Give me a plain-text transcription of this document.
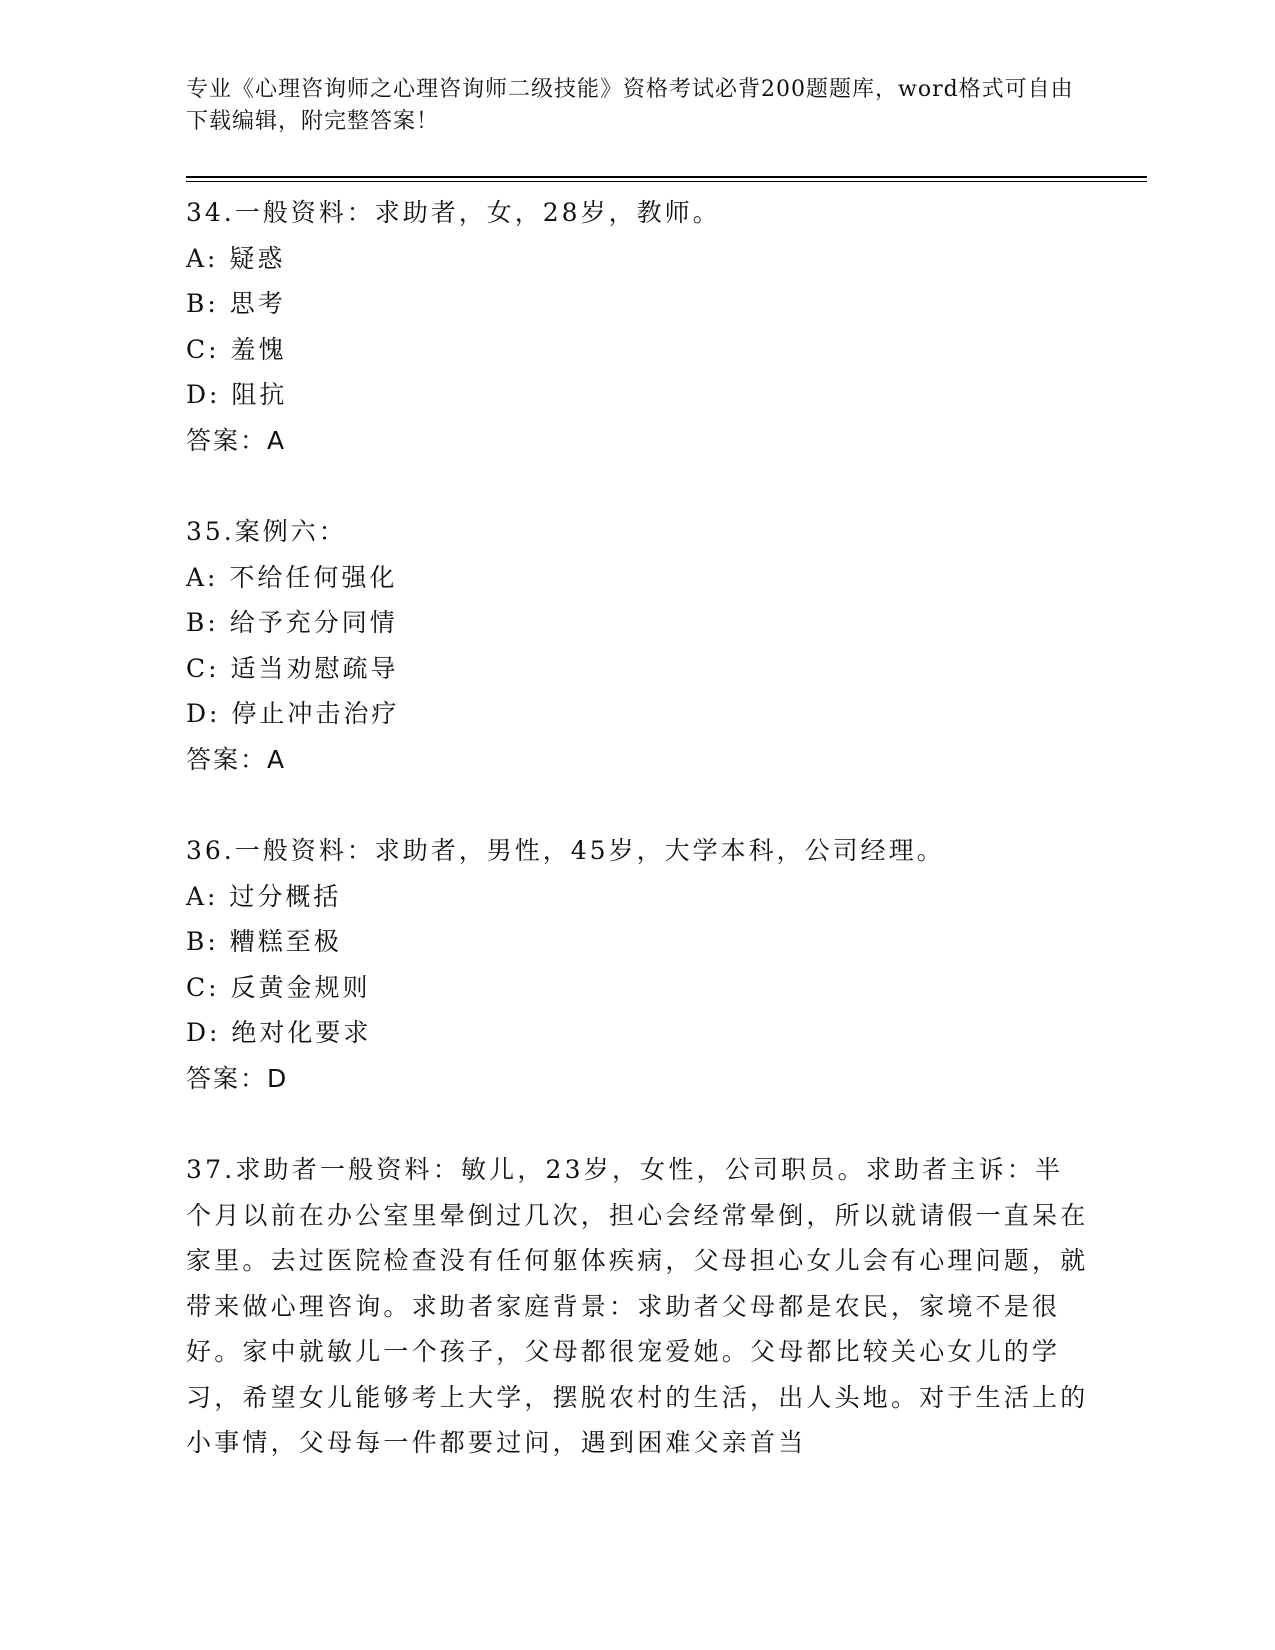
专业《心理咨询师之心理咨询师二级技能》资格考试必背200题题库，word格式可自由下载编辑，附完整答案！
34.一般资料：求助者，女，28岁，教师。
A: 疑惑
B: 思考
C: 羞愧
D: 阻抗
答案：A
35.案例六：
A: 不给任何强化
B: 给予充分同情
C: 适当劝慰疏导
D: 停止冲击治疗
答案：A
36.一般资料：求助者，男性，45岁，大学本科，公司经理。
A: 过分概括
B: 糟糕至极
C: 反黄金规则
D: 绝对化要求
答案：D
37.求助者一般资料：敏儿，23岁，女性，公司职员。求助者主诉：半个月以前在办公室里晕倒过几次，担心会经常晕倒，所以就请假一直呆在家里。去过医院检查没有任何躯体疾病，父母担心女儿会有心理问题，就带来做心理咨询。求助者家庭背景：求助者父母都是农民，家境不是很好。家中就敏儿一个孩子，父母都很宠爱她。父母都比较关心女儿的学习，希望女儿能够考上大学，摆脱农村的生活，出人头地。对于生活上的小事情，父母每一件都要过问，遇到困难父亲首当
